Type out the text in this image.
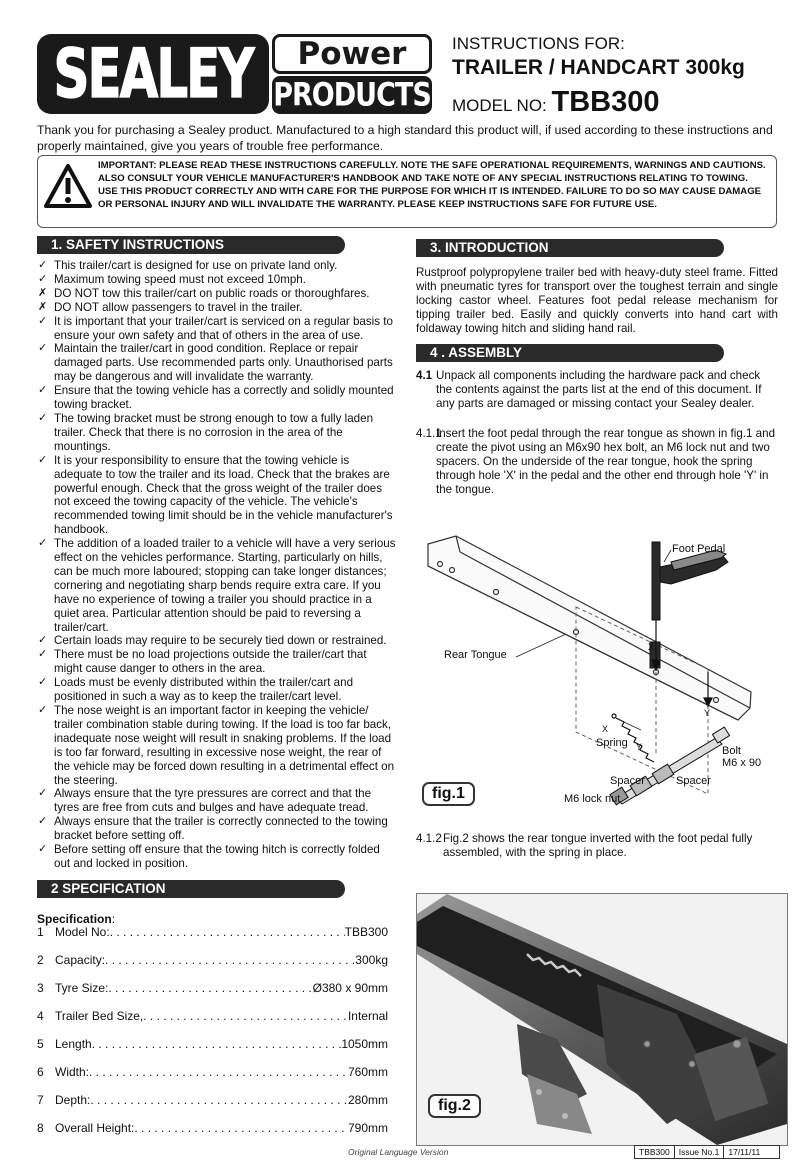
SEALEY Power
PRODUCTS
INSTRUCTIONS FOR:
TRAILER / HANDCART 300kg
MODEL NO: TBB300
Thank you for purchasing a Sealey product. Manufactured to a high standard this product will, if used according to these instructions and properly maintained, give you years of trouble free performance.
IMPORTANT: PLEASE READ THESE INSTRUCTIONS CAREFULLY. NOTE THE SAFE OPERATIONAL REQUIREMENTS, WARNINGS AND CAUTIONS. ALSO CONSULT YOUR VEHICLE MANUFACTURER'S HANDBOOK AND TAKE NOTE OF ANY SPECIAL INSTRUCTIONS RELATING TO TOWING. USE THIS PRODUCT CORRECTLY AND WITH CARE FOR THE PURPOSE FOR WHICH IT IS INTENDED. FAILURE TO DO SO MAY CAUSE DAMAGE OR PERSONAL INJURY AND WILL INVALIDATE THE WARRANTY. PLEASE KEEP INSTRUCTIONS SAFE FOR FUTURE USE.
1. SAFETY INSTRUCTIONS
✓ This trailer/cart is designed for use on private land only.
✓ Maximum towing speed must not exceed 10mph.
✗ DO NOT tow this trailer/cart on public roads or thoroughfares.
✗ DO NOT allow passengers to travel in the trailer.
✓ It is important that your trailer/cart is serviced on a regular basis to ensure your own safety and that of others in the area of use.
✓ Maintain the trailer/cart in good condition. Replace or repair damaged parts. Use recommended parts only. Unauthorised parts may be dangerous and will invalidate the warranty.
✓ Ensure that the towing vehicle has a correctly and solidly mounted towing bracket.
✓ The towing bracket must be strong enough to tow a fully laden trailer. Check that there is no corrosion in the area of the mountings.
✓ It is your responsibility to ensure that the towing vehicle is adequate to tow the trailer and its load. Check that the brakes are powerful enough. Check that the gross weight of the trailer does not exceed the towing capacity of the vehicle. The vehicle's recommended towing limit should be in the vehicle manufacturer's handbook.
✓ The addition of a loaded trailer to a vehicle will have a very serious effect on the vehicles performance. Starting, particularly on hills, can be much more laboured; stopping can take longer distances; cornering and negotiating sharp bends require extra care. If you have no experience of towing a trailer you should practice in a quiet area. Particular attention should be paid to reversing a trailer/cart.
✓ Certain loads may require to be securely tied down or restrained.
✓ There must be no load projections outside the trailer/cart that might cause danger to others in the area.
✓ Loads must be evenly distributed within the trailer/cart and positioned in such a way as to keep the trailer/cart level.
✓ The nose weight is an important factor in keeping the vehicle/ trailer combination stable during towing. If the load is too far back, inadequate nose weight will result in snaking problems. If the load is too far forward, resulting in excessive nose weight, the rear of the vehicle may be forced down resulting in a detrimental effect on the steering.
✓ Always ensure that the tyre pressures are correct and that the tyres are free from cuts and bulges and have adequate tread.
✓ Always ensure that the trailer is correctly connected to the towing bracket before setting off.
✓ Before setting off ensure that the towing hitch is correctly folded out and locked in position.
2 SPECIFICATION
Specification:
1 Model No: . . .	TBB300
2 Capacity: . . .	300kg
3 Tyre Size: . . .	Ø380 x 90mm
4 Trailer Bed Size, . . .	Internal
5 Length . . .	1050mm
6 Width: . . .	760mm
7 Depth: . . .	280mm
8 Overall Height: . . .	790mm
3. INTRODUCTION
Rustproof polypropylene trailer bed with heavy-duty steel frame. Fitted with pneumatic tyres for transport over the toughest terrain and single locking castor wheel. Features foot pedal release mechanism for tipping trailer bed. Easily and quickly converts into hand cart with foldaway towing hitch and sliding hand rail.
4 . ASSEMBLY
4.1 Unpack all components including the hardware pack and check the contents against the parts list at the end of this document. If any parts are damaged or missing contact your Sealey dealer.
4.1.1
Insert the foot pedal through the rear tongue as shown in fig.1 and create the pivot using an M6x90 hex bolt, an M6 lock nut and two spacers. On the underside of the rear tongue, hook the spring through hole 'X' in the pedal and the other end through hole 'Y' in the tongue.
Foot Pedal
Rear Tongue
Spring
Bolt
M6 x 90
Spacer	Spacer
M6 lock nut
X
Y
X
Y
fig.1
4.1.2 Fig.2 shows the rear tongue inverted with the foot pedal fully assembled, with the spring in place.
fig.2
Original Language Version	TBB300	Issue No.1	17/11/11
